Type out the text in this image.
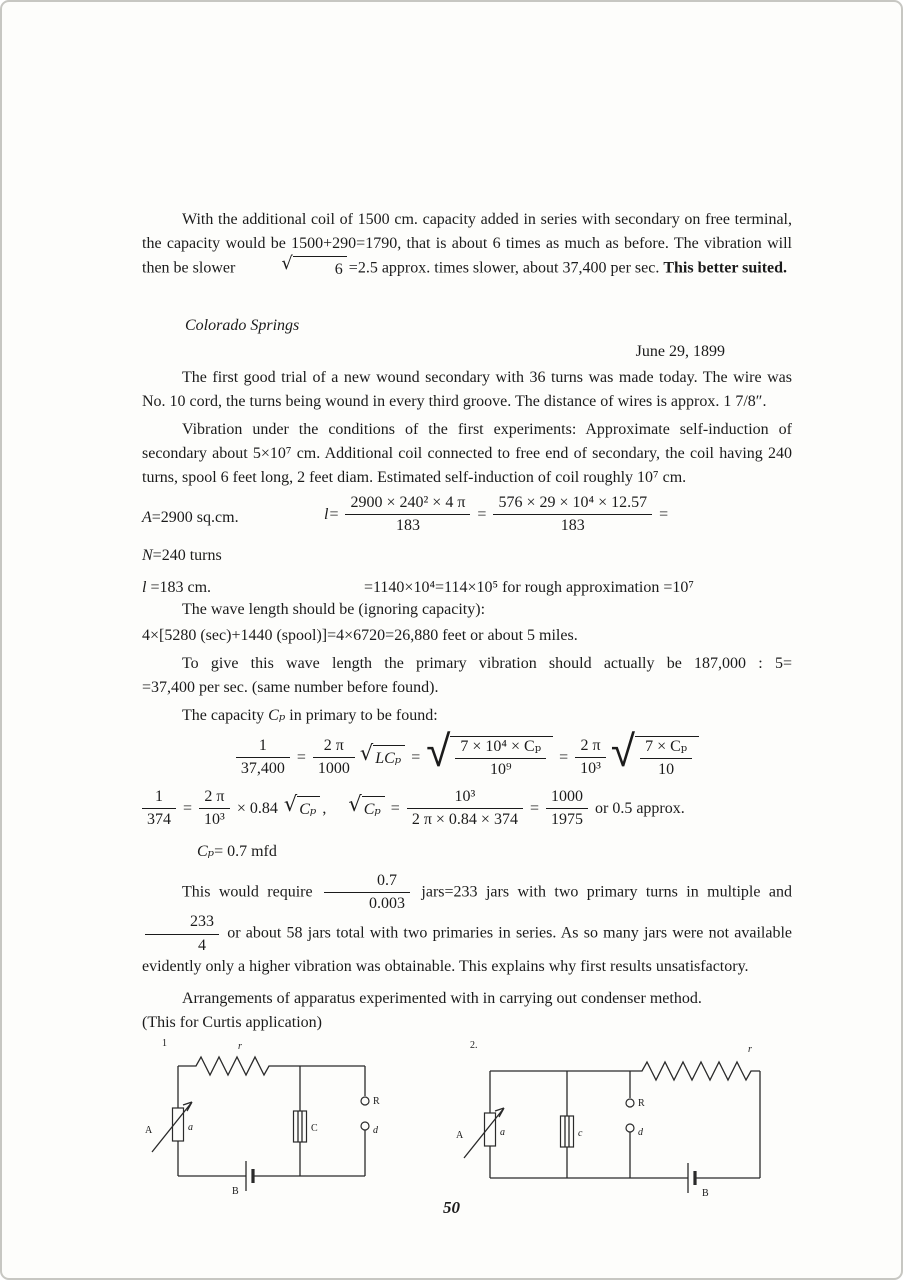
With the additional coil of 1500 cm. capacity added in series with secondary on free terminal, the capacity would be 1500+290=1790, that is about 6 times as much as before. The vibration will then be slower	√	6 =2.5 approx. times slower, about 37,400 per sec. This better suited.

Colorado Springs
June 29, 1899

The first good trial of a new wound secondary with 36 turns was made today. The wire was No. 10 cord, the turns being wound in every third groove. The distance of wires is approx. 1 7/8″.

Vibration under the conditions of the first experiments: Approximate self-induction of secondary about 5×10⁷ cm. Additional coil connected to free end of secondary, the coil having 240 turns, spool 6 feet long, 2 feet diam. Estimated self-induction of coil roughly 10⁷ cm.

A=2900 sq.cm.	$l = \frac{\text{2900 × 240² × 4 π}}{183} = \frac{\text{576 × 29 × 10⁴ × 12.57}}{183}$ =
N=240 turns
l =183 cm.	=1140×10⁴=114×10⁵ for rough approximation =10⁷

The wave length should be (ignoring capacity):

4×[5280 (sec)+1440 (spool)]=4×6720=26,880 feet or about 5 miles.
To give this wave length the primary vibration should actually be 187,000 : 5=
=37,400 per sec. (same number before found).

The capacity Cₚ in primary to be found:

$\frac{1}{37,400} = \frac{2 \pi}{1000}$ √ LCₚ = √ $\frac{\text{7 × 10⁴ × Cₚ}}{\text{10⁹}} = \frac{2 \pi}{\text{10³}}$ √ $\frac{\text{7 × Cₚ}}{10}$
$\frac{1}{374} = \frac{2 \pi}{\text{10³}} \times 0.84$ √ Cₚ , √ $C_p = \frac{\text{10³}}{2 \pi \times 0.84 \times 374} = \frac{1000}{1975}$ or 0.5 approx.
Cₚ = 0.7 mfd

This would require $\frac{0.7}{0.003}$ jars=233 jars with two primary turns in multiple and
$\frac{233}{4}$ or about 58 jars total with two primaries in series. As so many jars were not available evidently only a higher vibration was obtainable. This explains why first results unsatisfactory.

Arrangements of apparatus experimented with in carrying out condenser method.

(This for Curtis application)
1	r
A	a	C
R
d
B
2.
A	a
r
c
R
d
B
50
